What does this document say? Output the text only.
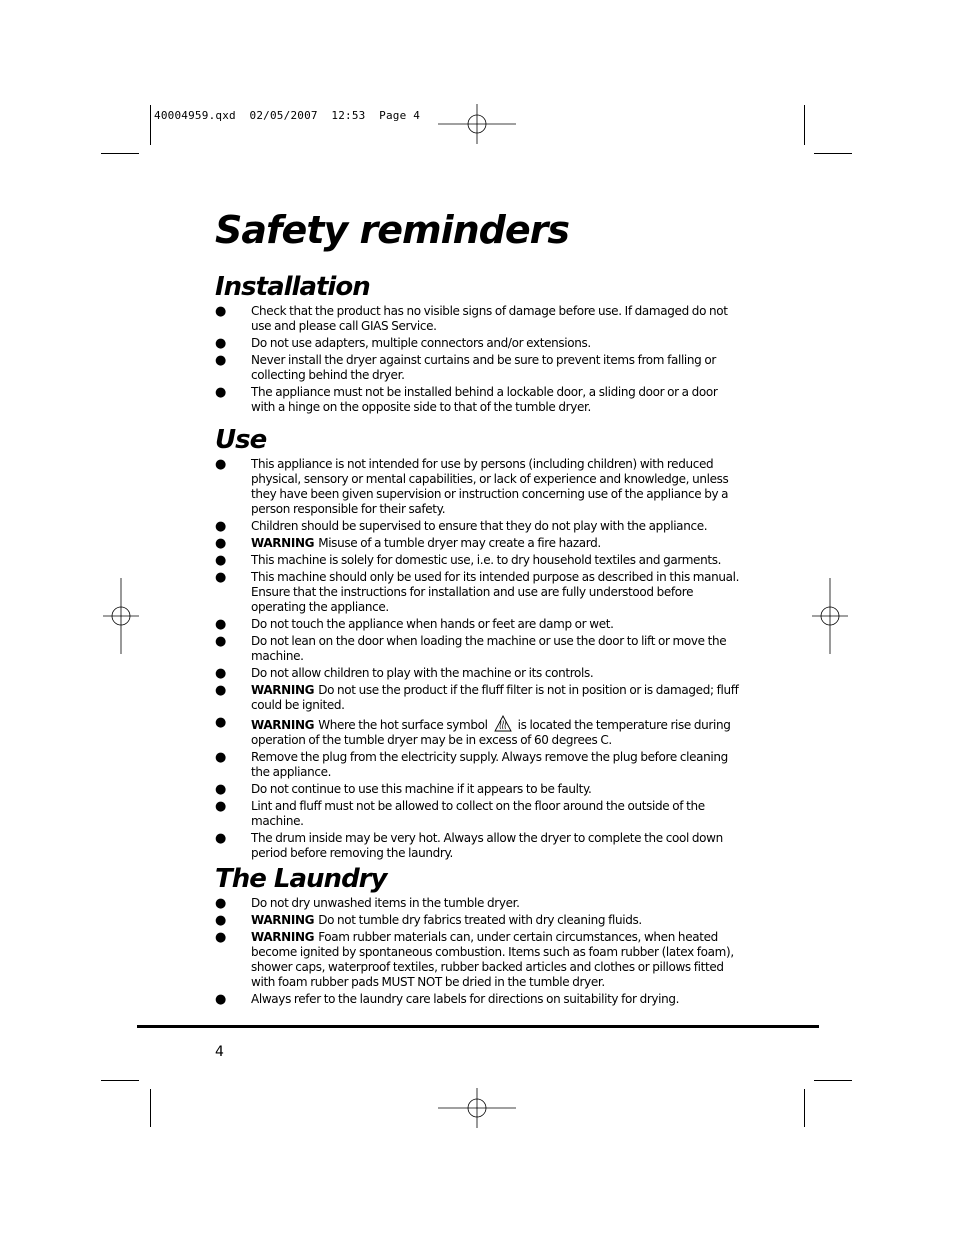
40004959.qxd  02/05/2007  12:53  Page 4
Safety reminders
Installation
● Check that the product has no visible signs of damage before use. If damaged do not use and please call GIAS Service.
● Do not use adapters, multiple connectors and/or extensions.
● Never install the dryer against curtains and be sure to prevent items from falling or collecting behind the dryer.
● The appliance must not be installed behind a lockable door, a sliding door or a door with a hinge on the opposite side to that of the tumble dryer.
Use
● This appliance is not intended for use by persons (including children) with reduced physical, sensory or mental capabilities, or lack of experience and knowledge, unless they have been given supervision or instruction concerning use of the appliance by a person responsible for their safety.
● Children should be supervised to ensure that they do not play with the appliance.
● WARNING Misuse of a tumble dryer may create a fire hazard.
● This machine is solely for domestic use, i.e. to dry household textiles and garments.
● This machine should only be used for its intended purpose as described in this manual. Ensure that the instructions for installation and use are fully understood before operating the appliance.
● Do not touch the appliance when hands or feet are damp or wet.
● Do not lean on the door when loading the machine or use the door to lift or move the machine.
● Do not allow children to play with the machine or its controls.
● WARNING Do not use the product if the fluff filter is not in position or is damaged; fluff could be ignited.
● WARNING Where the hot surface symbol	is located the temperature rise during operation of the tumble dryer may be in excess of 60 degrees C.
● Remove the plug from the electricity supply. Always remove the plug before cleaning the appliance.
● Do not continue to use this machine if it appears to be faulty.
● Lint and fluff must not be allowed to collect on the floor around the outside of the machine.
● The drum inside may be very hot. Always allow the dryer to complete the cool down period before removing the laundry.
The Laundry
● Do not dry unwashed items in the tumble dryer.
● WARNING Do not tumble dry fabrics treated with dry cleaning fluids.
● WARNING Foam rubber materials can, under certain circumstances, when heated become ignited by spontaneous combustion. Items such as foam rubber (latex foam), shower caps, waterproof textiles, rubber backed articles and clothes or pillows fitted with foam rubber pads MUST NOT be dried in the tumble dryer.
● Always refer to the laundry care labels for directions on suitability for drying.
4
